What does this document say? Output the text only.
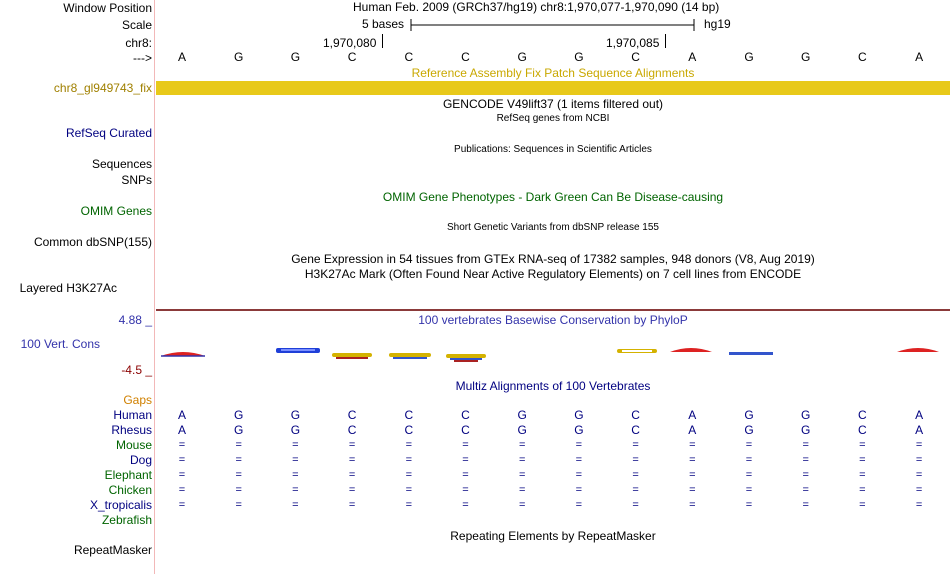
Window Position
Scale
chr8:
--->
Human Feb. 2009 (GRCh37/hg19) chr8:1,970,077-1,970,090 (14 bp)
5 bases	hg19
1,970,080	1,970,085
A	G	G	C	C	C	G	G	C	A	G	G	C	A
Reference Assembly Fix Patch Sequence Alignments
chr8_gl949743_fix
GENCODE V49lift37 (1 items filtered out)
RefSeq genes from NCBI
RefSeq Curated
Publications: Sequences in Scientific Articles
Sequences
SNPs
OMIM Gene Phenotypes - Dark Green Can Be Disease-causing
OMIM Genes
Short Genetic Variants from dbSNP release 155
Common dbSNP(155)
Gene Expression in 54 tissues from GTEx RNA-seq of 17382 samples, 948 donors (V8, Aug 2019)
H3K27Ac Mark (Often Found Near Active Regulatory Elements) on 7 cell lines from ENCODE
Layered H3K27Ac
100 vertebrates Basewise Conservation by PhyloP
4.88 _
100 Vert. Cons
-4.5 _
Multiz Alignments of 100 Vertebrates
Gaps
Human	A	G	G	C	C	C	G	G	C	A	G	G	C	A
Rhesus	A	G	G	C	C	C	G	G	C	A	G	G	C	A
Mouse	=	=	=	=	=	=	=	=	=	=	=	=	=	=
Dog	=	=	=	=	=	=	=	=	=	=	=	=	=	=
Elephant	=	=	=	=	=	=	=	=	=	=	=	=	=	=
Chicken	=	=	=	=	=	=	=	=	=	=	=	=	=	=
X_tropicalis	=	=	=	=	=	=	=	=	=	=	=	=	=	=
Zebrafish
Repeating Elements by RepeatMasker
RepeatMasker
